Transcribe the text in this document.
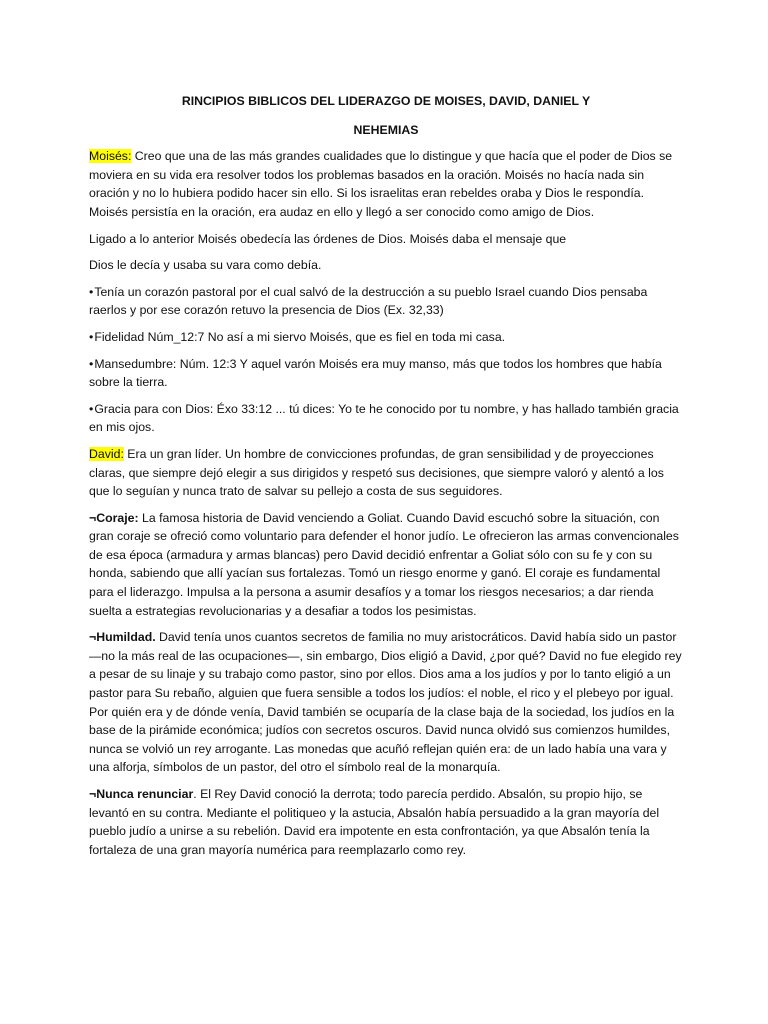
RINCIPIOS BIBLICOS DEL LIDERAZGO DE MOISES, DAVID, DANIEL Y
NEHEMIAS

Moisés: Creo que una de las más grandes cualidades que lo distingue y que hacía que el poder de Dios se moviera en su vida era resolver todos los problemas basados en la oración. Moisés no hacía nada sin oración y no lo hubiera podido hacer sin ello. Si los israelitas eran rebeldes oraba y Dios le respondía. Moisés persistía en la oración, era audaz en ello y llegó a ser conocido como amigo de Dios.

Ligado a lo anterior Moisés obedecía las órdenes de Dios. Moisés daba el mensaje que

Dios le decía y usaba su vara como debía.

•Tenía un corazón pastoral por el cual salvó de la destrucción a su pueblo Israel cuando Dios pensaba raerlos y por ese corazón retuvo la presencia de Dios (Ex. 32,33)

•Fidelidad Núm_12:7 No así a mi siervo Moisés, que es fiel en toda mi casa.

•Mansedumbre: Núm. 12:3 Y aquel varón Moisés era muy manso, más que todos los hombres que había sobre la tierra.

•Gracia para con Dios: Éxo 33:12 ... tú dices: Yo te he conocido por tu nombre, y has hallado también gracia en mis ojos.

David: Era un gran líder. Un hombre de convicciones profundas, de gran sensibilidad y de proyecciones claras, que siempre dejó elegir a sus dirigidos y respetó sus decisiones, que siempre valoró y alentó a los que lo seguían y nunca trato de salvar su pellejo a costa de sus seguidores.

¬Coraje: La famosa historia de David venciendo a Goliat. Cuando David escuchó sobre la situación, con gran coraje se ofreció como voluntario para defender el honor judío. Le ofrecieron las armas convencionales de esa época (armadura y armas blancas) pero David decidió enfrentar a Goliat sólo con su fe y con su honda, sabiendo que allí yacían sus fortalezas. Tomó un riesgo enorme y ganó. El coraje es fundamental para el liderazgo. Impulsa a la persona a asumir desafíos y a tomar los riesgos necesarios; a dar rienda suelta a estrategias revolucionarias y a desafiar a todos los pesimistas.

¬Humildad. David tenía unos cuantos secretos de familia no muy aristocráticos. David había sido un pastor —no la más real de las ocupaciones—, sin embargo, Dios eligió a David, ¿por qué? David no fue elegido rey a pesar de su linaje y su trabajo como pastor, sino por ellos. Dios ama a los judíos y por lo tanto eligió a un pastor para Su rebaño, alguien que fuera sensible a todos los judíos: el noble, el rico y el plebeyo por igual. Por quién era y de dónde venía, David también se ocuparía de la clase baja de la sociedad, los judíos en la base de la pirámide económica; judíos con secretos oscuros. David nunca olvidó sus comienzos humildes, nunca se volvió un rey arrogante. Las monedas que acuñó reflejan quién era: de un lado había una vara y una alforja, símbolos de un pastor, del otro el símbolo real de la monarquía.

¬Nunca renunciar. El Rey David conoció la derrota; todo parecía perdido. Absalón, su propio hijo, se levantó en su contra. Mediante el politiqueo y la astucia, Absalón había persuadido a la gran mayoría del pueblo judío a unirse a su rebelión. David era impotente en esta confrontación, ya que Absalón tenía la fortaleza de una gran mayoría numérica para reemplazarlo como rey.
